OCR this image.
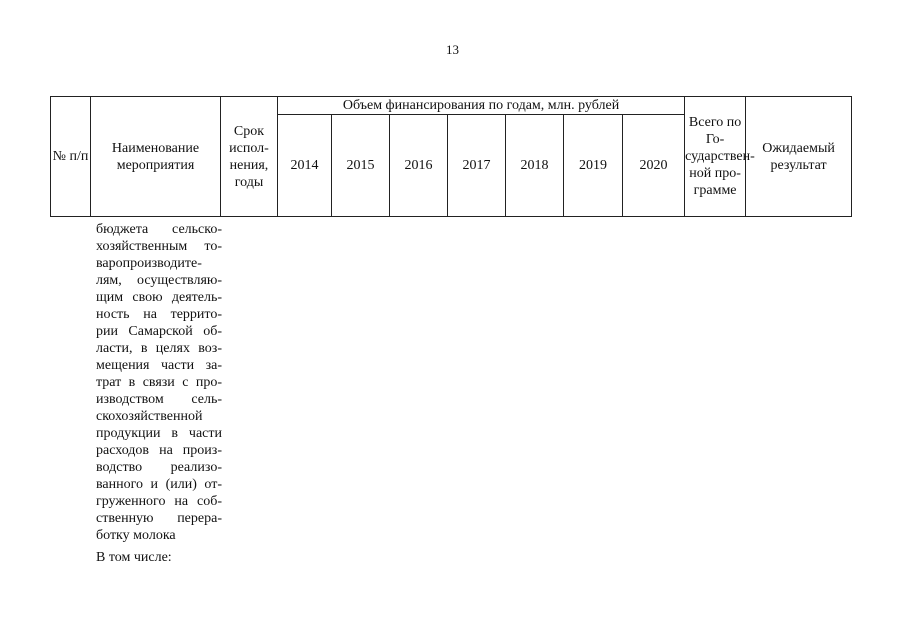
13
№ п/п	Наименование мероприятия	Срок испол-нения, годы	Объем финансирования по годам, млн. рублей							Всего по Го-сударствен-ной про-грамме	Ожидаемый результат
			2014	2015	2016	2017	2018	2019	2020		
бюджета сельско-
хозяйственным то-
варопроизводите-
лям, осуществляю-
щим свою деятель-
ность на террито-
рии Самарской об-
ласти, в целях воз-
мещения части за-
трат в связи с про-
изводством сель-
скохозяйственной
продукции в части
расходов на произ-
водство реализо-
ванного и (или) от-
груженного на соб-
ственную перера-
ботку молока
В том числе:
